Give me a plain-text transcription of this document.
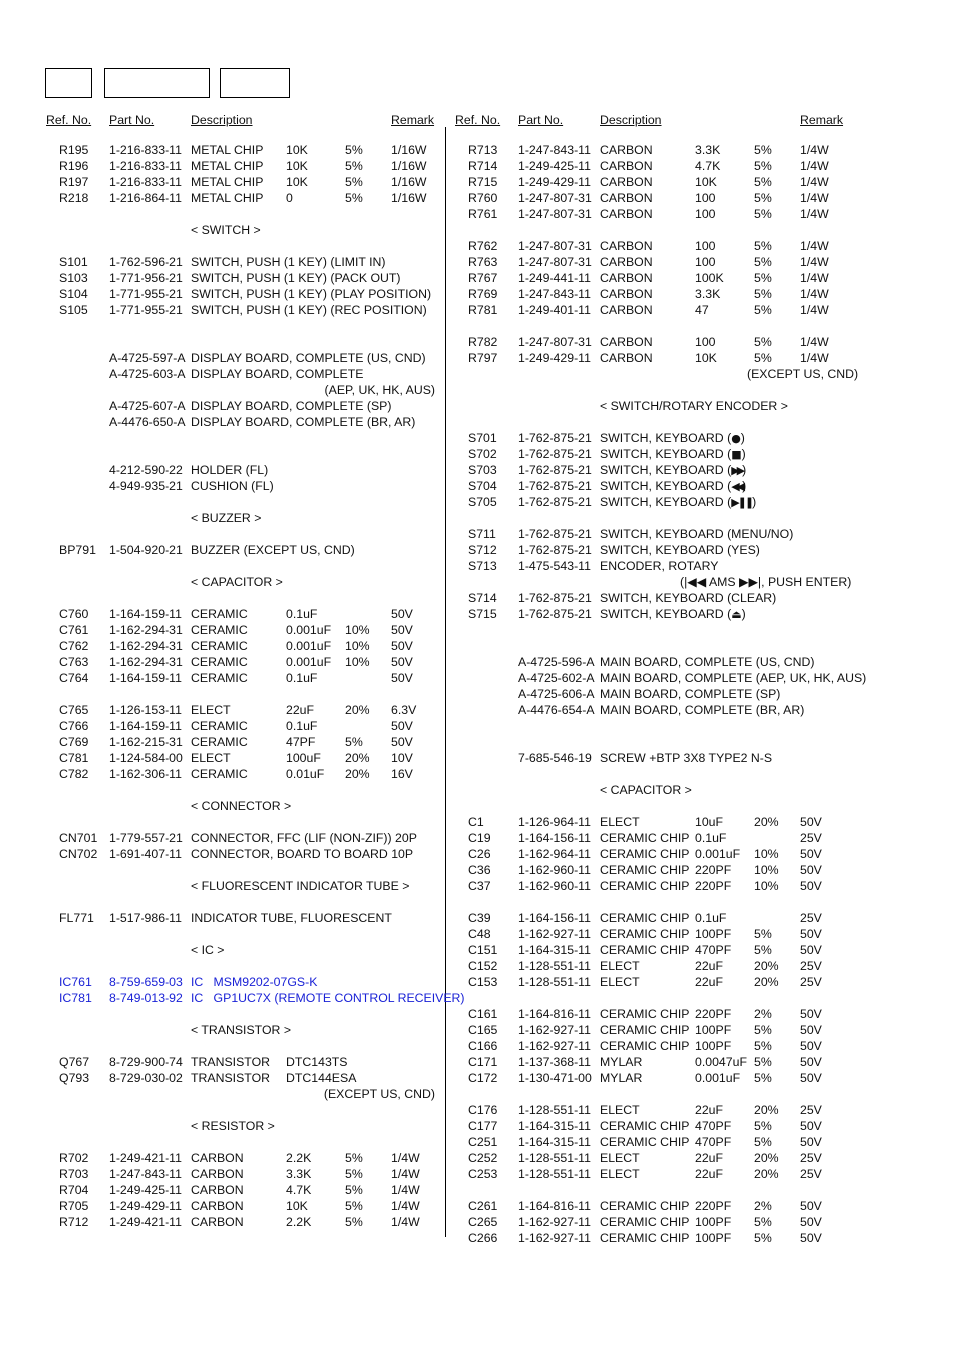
Ref. No. Part No.	Description	Remark
R195 1-216-833-11 METAL CHIP 10K	5% 1/16W
R196 1-216-833-11 METAL CHIP 10K	5% 1/16W
R197 1-216-833-11 METAL CHIP 10K	5% 1/16W
R218 1-216-864-11 METAL CHIP 0	5% 1/16W
< SWITCH >
S101 1-762-596-21 SWITCH, PUSH (1 KEY) (LIMIT IN)
S103 1-771-956-21 SWITCH, PUSH (1 KEY) (PACK OUT)
S104 1-771-955-21 SWITCH, PUSH (1 KEY) (PLAY POSITION)
S105 1-771-955-21 SWITCH, PUSH (1 KEY) (REC POSITION)
A-4725-597-A DISPLAY BOARD, COMPLETE (US, CND)
A-4725-603-A DISPLAY BOARD, COMPLETE
(AEP, UK, HK, AUS)
A-4725-607-A DISPLAY BOARD, COMPLETE (SP)
A-4476-650-A DISPLAY BOARD, COMPLETE (BR, AR)
4-212-590-22 HOLDER (FL)
4-949-935-21 CUSHION (FL)
< BUZZER >
BP791 1-504-920-21 BUZZER (EXCEPT US, CND)
< CAPACITOR >
C760 1-164-159-11 CERAMIC	0.1uF	50V
C761 1-162-294-31 CERAMIC	0.001uF 10% 50V
C762 1-162-294-31 CERAMIC	0.001uF 10% 50V
C763 1-162-294-31 CERAMIC	0.001uF 10% 50V
C764 1-164-159-11 CERAMIC	0.1uF	50V
C765 1-126-153-11 ELECT	22uF	20% 6.3V
C766 1-164-159-11 CERAMIC	0.1uF	50V
C769 1-162-215-31 CERAMIC	47PF 5% 50V
C781 1-124-584-00 ELECT	100uF 20% 10V
C782 1-162-306-11 CERAMIC	0.01uF 20% 16V
< CONNECTOR >
CN701 1-779-557-21 CONNECTOR, FFC (LIF (NON-ZIF)) 20P
CN702 1-691-407-11 CONNECTOR, BOARD TO BOARD 10P
< FLUORESCENT INDICATOR TUBE >
FL771 1-517-986-11 INDICATOR TUBE, FLUORESCENT
< IC >
IC761 8-759-659-03 IC   MSM9202-07GS-K
IC781 8-749-013-92 IC   GP1UC7X (REMOTE CONTROL RECEIVER)
< TRANSISTOR >
Q767 8-729-900-74 TRANSISTOR DTC143TS
Q793 8-729-030-02 TRANSISTOR DTC144ESA
(EXCEPT US, CND)
< RESISTOR >
R702 1-249-421-11 CARBON	2.2K	5% 1/4W
R703 1-247-843-11 CARBON	3.3K	5% 1/4W
R704 1-249-425-11 CARBON	4.7K	5% 1/4W
R705 1-249-429-11 CARBON	10K	5% 1/4W
R712 1-249-421-11 CARBON	2.2K	5% 1/4W
Ref. No. Part No.	Description	Remark
R713 1-247-843-11 CARBON	3.3K	5% 1/4W
R714 1-249-425-11 CARBON	4.7K	5% 1/4W
R715 1-249-429-11 CARBON	10K	5% 1/4W
R760 1-247-807-31 CARBON	100	5% 1/4W
R761 1-247-807-31 CARBON	100	5% 1/4W
R762 1-247-807-31 CARBON	100	5% 1/4W
R763 1-247-807-31 CARBON	100	5% 1/4W
R767 1-249-441-11 CARBON	100K 5% 1/4W
R769 1-247-843-11 CARBON	3.3K	5% 1/4W
R781 1-249-401-11 CARBON	47	5% 1/4W
R782 1-247-807-31 CARBON	100	5% 1/4W
R797 1-249-429-11 CARBON	10K	5% 1/4W
(EXCEPT US, CND)
< SWITCH/ROTARY ENCODER >
S701 1-762-875-21 SWITCH, KEYBOARD (●)
S702 1-762-875-21 SWITCH, KEYBOARD (■)
S703 1-762-875-21 SWITCH, KEYBOARD (▶▶)
S704 1-762-875-21 SWITCH, KEYBOARD (◀◀)
S705 1-762-875-21 SWITCH, KEYBOARD (▶❚❚)
S711 1-762-875-21 SWITCH, KEYBOARD (MENU/NO)
S712 1-762-875-21 SWITCH, KEYBOARD (YES)
S713 1-475-543-11 ENCODER, ROTARY
(|◀◀ AMS ▶▶|, PUSH ENTER)
S714 1-762-875-21 SWITCH, KEYBOARD (CLEAR)
S715 1-762-875-21 SWITCH, KEYBOARD (⏏)
A-4725-596-A MAIN BOARD, COMPLETE (US, CND)
A-4725-602-A MAIN BOARD, COMPLETE (AEP, UK, HK, AUS)
A-4725-606-A MAIN BOARD, COMPLETE (SP)
A-4476-654-A MAIN BOARD, COMPLETE (BR, AR)
7-685-546-19 SCREW +BTP 3X8 TYPE2 N-S
< CAPACITOR >
C1	1-126-964-11 ELECT	10uF	20% 50V
C19 1-164-156-11 CERAMIC CHIP 0.1uF	25V
C26 1-162-964-11 CERAMIC CHIP 0.001uF 10% 50V
C36 1-162-960-11 CERAMIC CHIP 220PF 10% 50V
C37 1-162-960-11 CERAMIC CHIP 220PF 10% 50V
C39 1-164-156-11 CERAMIC CHIP 0.1uF	25V
C48 1-162-927-11 CERAMIC CHIP 100PF 5% 50V
C151 1-164-315-11 CERAMIC CHIP 470PF 5% 50V
C152 1-128-551-11 ELECT	22uF	20% 25V
C153 1-128-551-11 ELECT	22uF	20% 25V
C161 1-164-816-11 CERAMIC CHIP 220PF 2% 50V
C165 1-162-927-11 CERAMIC CHIP 100PF 5% 50V
C166 1-162-927-11 CERAMIC CHIP 100PF 5% 50V
C171 1-137-368-11 MYLAR	0.0047uF 5% 50V
C172 1-130-471-00 MYLAR	0.001uF 5% 50V
C176 1-128-551-11 ELECT	22uF	20% 25V
C177 1-164-315-11 CERAMIC CHIP 470PF 5% 50V
C251 1-164-315-11 CERAMIC CHIP 470PF 5% 50V
C252 1-128-551-11 ELECT	22uF	20% 25V
C253 1-128-551-11 ELECT	22uF	20% 25V
C261 1-164-816-11 CERAMIC CHIP 220PF 2% 50V
C265 1-162-927-11 CERAMIC CHIP 100PF 5% 50V
C266 1-162-927-11 CERAMIC CHIP 100PF 5% 50V
